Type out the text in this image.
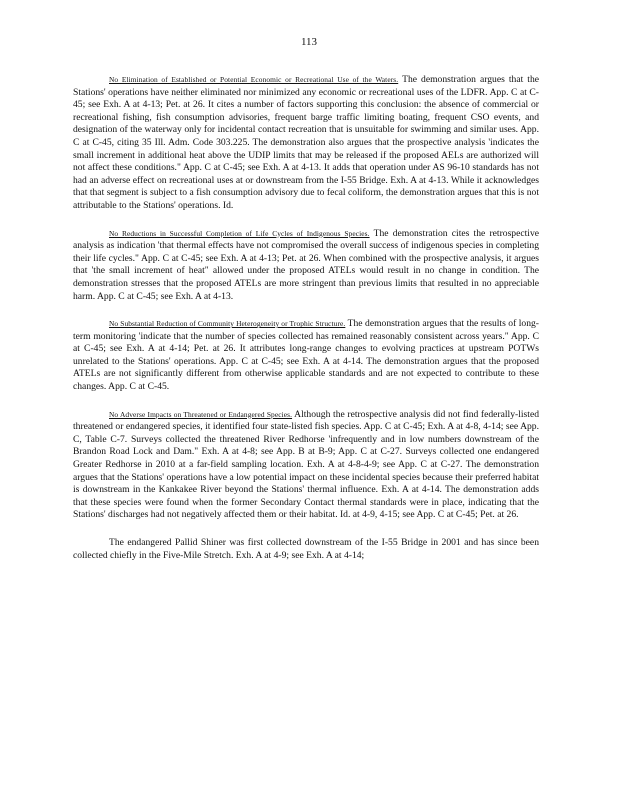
113

No Elimination of Established or Potential Economic or Recreational Use of the Waters. The demonstration argues that the Stations' operations have neither eliminated nor minimized any economic or recreational uses of the LDFR. App. C at C-45; see Exh. A at 4-13; Pet. at 26. It cites a number of factors supporting this conclusion: the absence of commercial or recreational fishing, fish consumption advisories, frequent barge traffic limiting boating, frequent CSO events, and designation of the waterway only for incidental contact recreation that is unsuitable for swimming and similar uses. App. C at C-45, citing 35 Ill. Adm. Code 303.225. The demonstration also argues that the prospective analysis 'indicates the small increment in additional heat above the UDIP limits that may be released if the proposed AELs are authorized will not affect these conditions." App. C at C-45; see Exh. A at 4-13. It adds that operation under AS 96-10 standards has not had an adverse effect on recreational uses at or downstream from the I-55 Bridge. Exh. A at 4-13. While it acknowledges that that segment is subject to a fish consumption advisory due to fecal coliform, the demonstration argues that this is not attributable to the Stations' operations. Id.

No Reductions in Successful Completion of Life Cycles of Indigenous Species. The demonstration cites the retrospective analysis as indication 'that thermal effects have not compromised the overall success of indigenous species in completing their life cycles." App. C at C-45; see Exh. A at 4-13; Pet. at 26. When combined with the prospective analysis, it argues that 'the small increment of heat" allowed under the proposed ATELs would result in no change in condition. The demonstration stresses that the proposed ATELs are more stringent than previous limits that resulted in no appreciable harm. App. C at C-45; see Exh. A at 4-13.

No Substantial Reduction of Community Heterogeneity or Trophic Structure. The demonstration argues that the results of long-term monitoring 'indicate that the number of species collected has remained reasonably consistent across years." App. C at C-45; see Exh. A at 4-14; Pet. at 26. It attributes long-range changes to evolving practices at upstream POTWs unrelated to the Stations' operations. App. C at C-45; see Exh. A at 4-14. The demonstration argues that the proposed ATELs are not significantly different from otherwise applicable standards and are not expected to contribute to these changes. App. C at C-45.

No Adverse Impacts on Threatened or Endangered Species. Although the retrospective analysis did not find federally-listed threatened or endangered species, it identified four state-listed fish species. App. C at C-45; Exh. A at 4-8, 4-14; see App. C, Table C-7. Surveys collected the threatened River Redhorse 'infrequently and in low numbers downstream of the Brandon Road Lock and Dam." Exh. A at 4-8; see App. B at B-9; App. C at C-27. Surveys collected one endangered Greater Redhorse in 2010 at a far-field sampling location. Exh. A at 4-8-4-9; see App. C at C-27. The demonstration argues that the Stations' operations have a low potential impact on these incidental species because their preferred habitat is downstream in the Kankakee River beyond the Stations' thermal influence. Exh. A at 4-14. The demonstration adds that these species were found when the former Secondary Contact thermal standards were in place, indicating that the Stations' discharges had not negatively affected them or their habitat. Id. at 4-9, 4-15; see App. C at C-45; Pet. at 26.

The endangered Pallid Shiner was first collected downstream of the I-55 Bridge in 2001 and has since been collected chiefly in the Five-Mile Stretch. Exh. A at 4-9; see Exh. A at 4-14;
